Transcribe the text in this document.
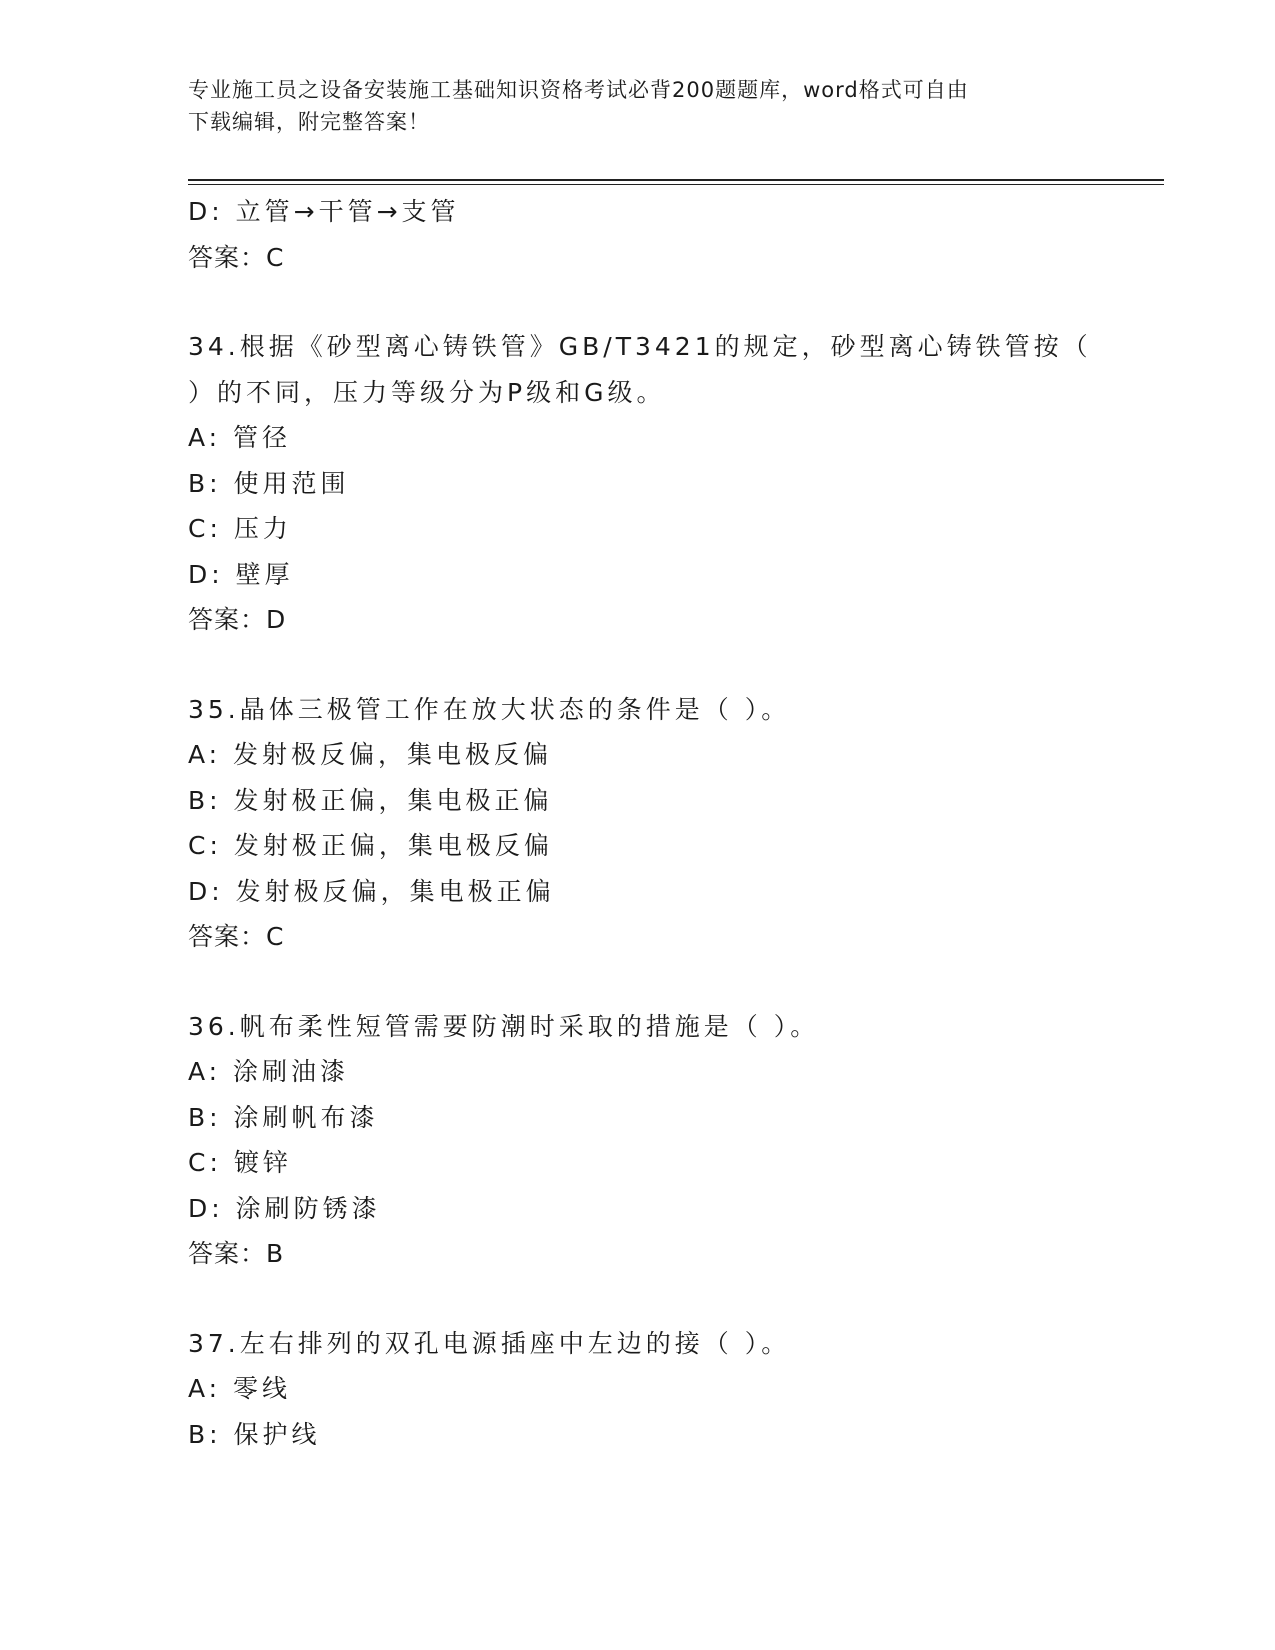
专业施工员之设备安装施工基础知识资格考试必背200题题库，word格式可自由
下载编辑，附完整答案！
D: 立管→干管→支管
答案：C
34.根据《砂型离心铸铁管》GB/T3421的规定，砂型离心铸铁管按（
）的不同，压力等级分为P级和G级。
A: 管径
B: 使用范围
C: 压力
D: 壁厚
答案：D
35.晶体三极管工作在放大状态的条件是（ ）。
A: 发射极反偏，集电极反偏
B: 发射极正偏，集电极正偏
C: 发射极正偏，集电极反偏
D: 发射极反偏，集电极正偏
答案：C
36.帆布柔性短管需要防潮时采取的措施是（ ）。
A: 涂刷油漆
B: 涂刷帆布漆
C: 镀锌
D: 涂刷防锈漆
答案：B
37.左右排列的双孔电源插座中左边的接（ ）。
A: 零线
B: 保护线
